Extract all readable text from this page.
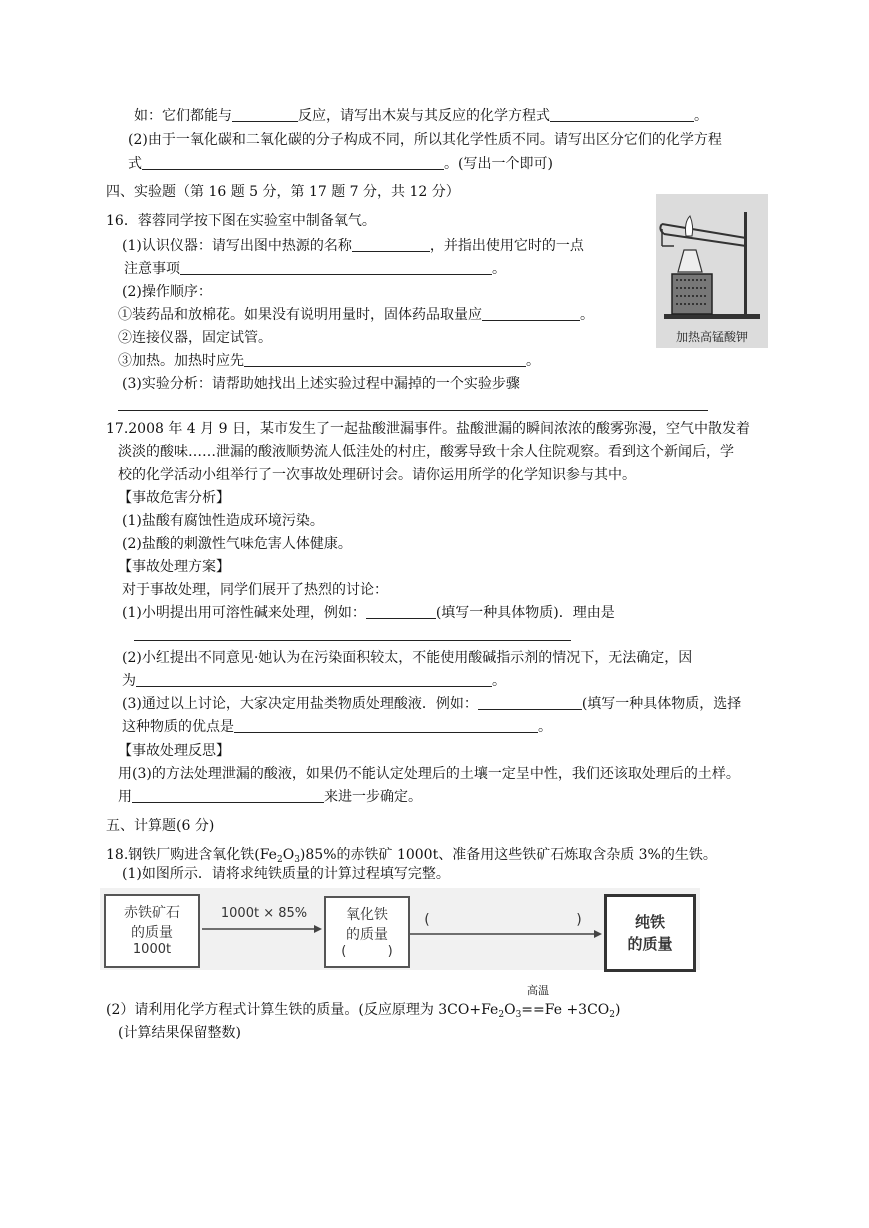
如：它们都能与	反应，请写出木炭与其反应的化学方程式	。
(2)由于一氧化碳和二氧化碳的分子构成不同，所以其化学性质不同。请写出区分它们的化学方程
式	。(写出一个即可)
四、实验题（第 16 题 5 分，第 17 题 7 分，共 12 分）
16．蓉蓉同学按下图在实验室中制备氧气。
(1)认识仪器：请写出图中热源的名称	，并指出使用它时的一点
注意事项	。
(2)操作顺序：
①装药品和放棉花。如果没有说明用量时，固体药品取量应	。
②连接仪器，固定试管。
③加热。加热时应先	。
(3)实验分析：请帮助她找出上述实验过程中漏掉的一个实验步骤
加热高锰酸钾
17.2008 年 4 月 9 日，某市发生了一起盐酸泄漏事件。盐酸泄漏的瞬间浓浓的酸雾弥漫，空气中散发着
淡淡的酸味……泄漏的酸液顺势流人低洼处的村庄，酸雾导致十余人住院观察。看到这个新闻后，学
校的化学活动小组举行了一次事故处理研讨会。请你运用所学的化学知识参与其中。
【事故危害分析】
(1)盐酸有腐蚀性造成环境污染。
(2)盐酸的刺激性气味危害人体健康。
【事故处理方案】
对于事故处理，同学们展开了热烈的讨论：
(1)小明提出用可溶性碱来处理，例如：	(填写一种具体物质)．理由是
(2)小红提出不同意见·她认为在污染面积较太，不能使用酸碱指示剂的情况下，无法确定，因
为	。
(3)通过以上讨论，大家决定用盐类物质处理酸液．例如：	(填写一种具体物质，选择
这种物质的优点是	。
【事故处理反思】
用(3)的方法处理泄漏的酸液，如果仍不能认定处理后的土壤一定呈中性，我们还该取处理后的土样。
用	来进一步确定。
五、计算题(6 分)
18.钢铁厂购进含氧化铁$(Fe_2O_3)85\%$的赤铁矿 1000t、准备用这些铁矿石炼取含杂质 3%的生铁。
(1)如图所示．请将求纯铁质量的计算过程填写完整。
赤铁矿石
的质量
1000t
1000t × 85%	氧化铁
的质量
(          )
(	)	纯铁
的质量
高温
(2）请利用化学方程式计算生铁的质量。(反应原理为 $3CO+Fe_2O_3==Fe +3CO_2$)
(计算结果保留整数)
